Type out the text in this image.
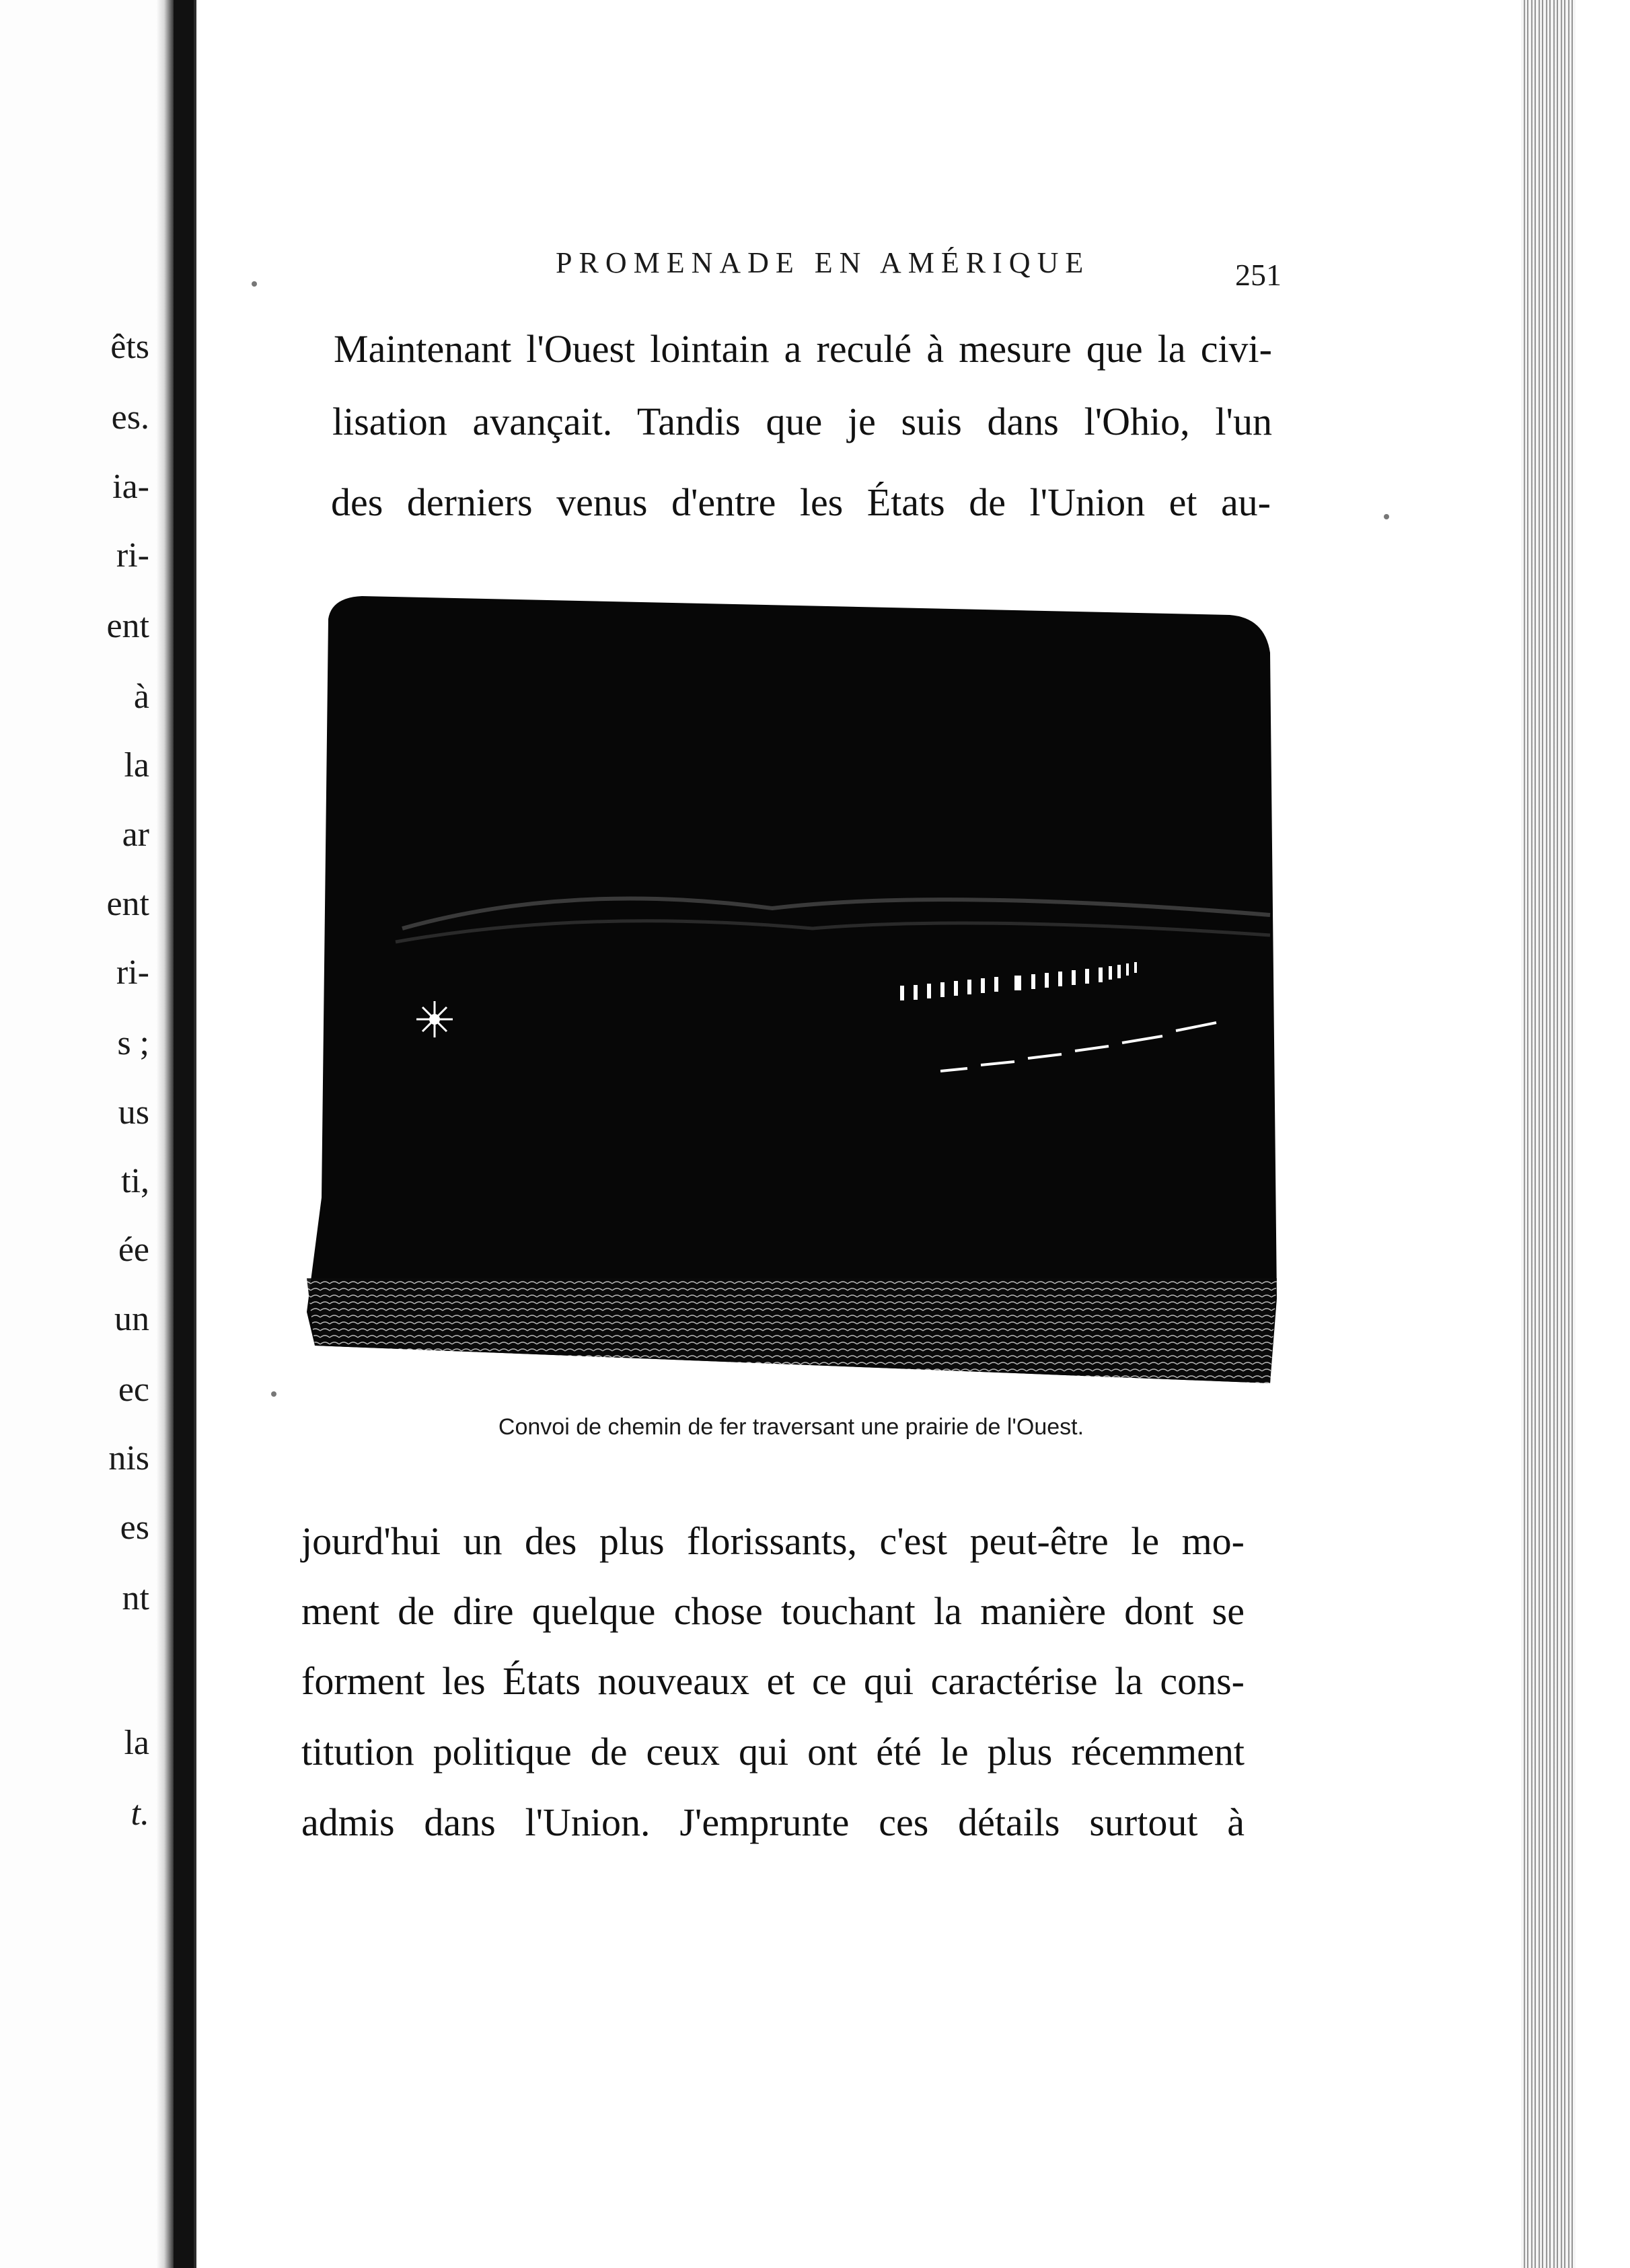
êts
es.
ia-
ri-
ent
à
la
ar
ent
ri-
s ;
us
ti,
ée
un
ec
nis
es
nt
la
t.
PROMENADE EN AMÉRIQUE	251
Maintenant l'Ouest lointain a reculé à mesure que la civi-
lisation avançait. Tandis que je suis dans l'Ohio, l'un
des derniers venus d'entre les États de l'Union et au-
Convoi de chemin de fer traversant une prairie de l'Ouest.
jourd'hui un des plus florissants, c'est peut-être le mo-
ment de dire quelque chose touchant la manière dont se
forment les États nouveaux et ce qui caractérise la cons-
titution politique de ceux qui ont été le plus récemment
admis dans l'Union. J'emprunte ces détails surtout à
